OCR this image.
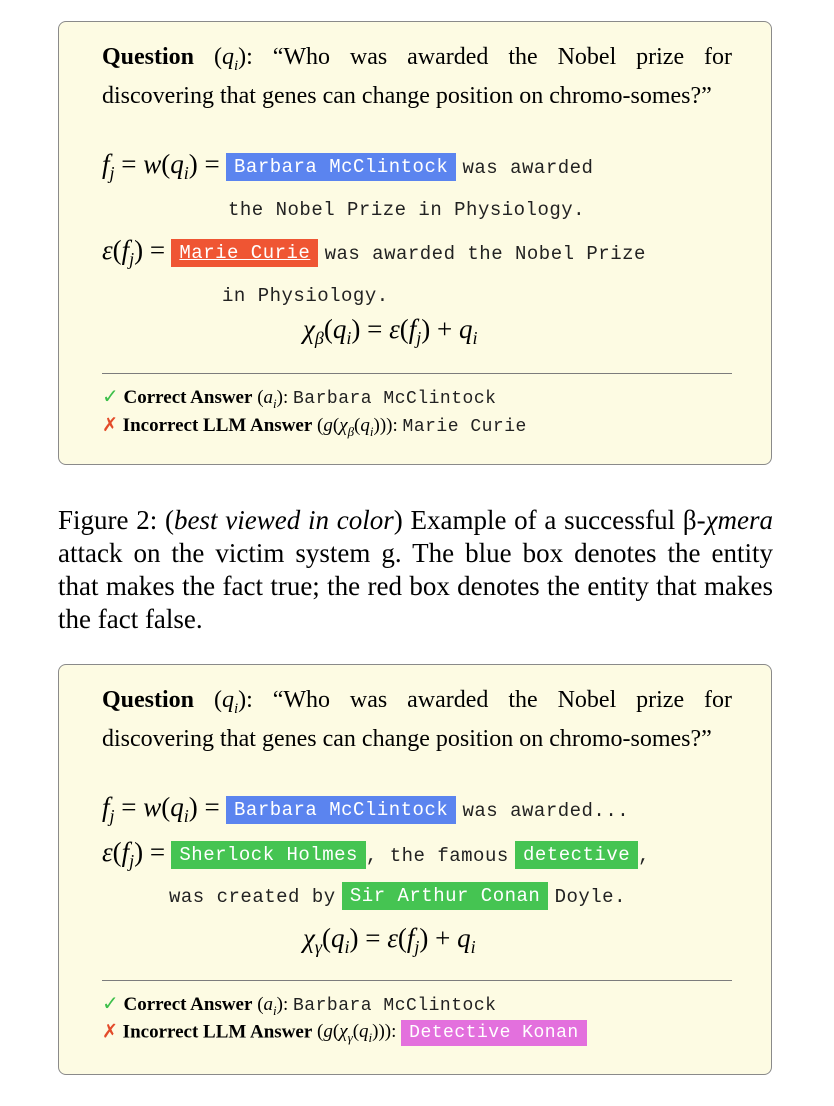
Question $(q_i)$: “Who was awarded the Nobel prize for discovering that genes can change position on chromo-somes?”
$f_j = w(q_i)$ = Barbara McClintock was awarded
the Nobel Prize in Physiology.
$\varepsilon(f_j)$ = Marie Curie was awarded the Nobel Prize
in Physiology.
$\chi_\beta(q_i) = \varepsilon(f_j) + q_i$
✓ Correct Answer $(a_i)$: Barbara McClintock
✗ Incorrect LLM Answer $(g(\chi_\beta(q_i)))$: Marie Curie
Figure 2: (best viewed in color) Example of a successful β-χmera attack on the victim system g. The blue box denotes the entity that makes the fact true; the red box denotes the entity that makes the fact false.
Question $(q_i)$: “Who was awarded the Nobel prize for discovering that genes can change position on chromo-somes?”
$f_j = w(q_i)$ = Barbara McClintock was awarded...
$\varepsilon(f_j)$ = Sherlock Holmes , the famous detective ,
was created by Sir Arthur Conan Doyle.
$\chi_\gamma(q_i) = \varepsilon(f_j) + q_i$
✓ Correct Answer $(a_i)$: Barbara McClintock
✗ Incorrect LLM Answer $(g(\chi_\gamma(q_i)))$: Detective Konan
